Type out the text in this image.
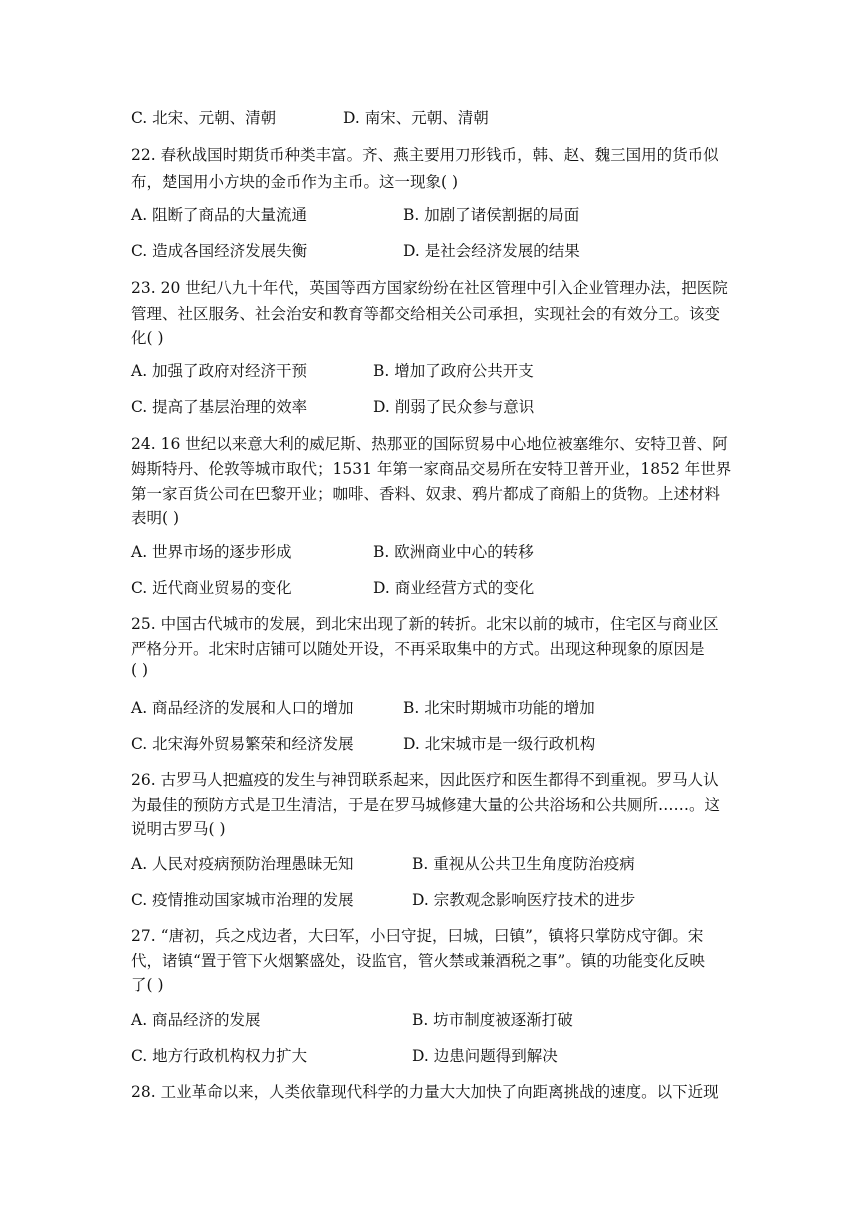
C. 北宋、元朝、清朝	D. 南宋、元朝、清朝
22. 春秋战国时期货币种类丰富。齐、燕主要用刀形钱币，韩、赵、魏三国用的货币似
布，楚国用小方块的金币作为主币。这一现象( )
A. 阻断了商品的大量流通	B. 加剧了诸侯割据的局面
C. 造成各国经济发展失衡	D. 是社会经济发展的结果
23. 20 世纪八九十年代，英国等西方国家纷纷在社区管理中引入企业管理办法，把医院
管理、社区服务、社会治安和教育等都交给相关公司承担，实现社会的有效分工。该变
化( )
A. 加强了政府对经济干预	B. 增加了政府公共开支
C. 提高了基层治理的效率	D. 削弱了民众参与意识
24. 16 世纪以来意大利的威尼斯、热那亚的国际贸易中心地位被塞维尔、安特卫普、阿
姆斯特丹、伦敦等城市取代；1531 年第一家商品交易所在安特卫普开业，1852 年世界
第一家百货公司在巴黎开业；咖啡、香料、奴隶、鸦片都成了商船上的货物。上述材料
表明( )
A. 世界市场的逐步形成	B. 欧洲商业中心的转移
C. 近代商业贸易的变化	D. 商业经营方式的变化
25. 中国古代城市的发展，到北宋出现了新的转折。北宋以前的城市，住宅区与商业区
严格分开。北宋时店铺可以随处开设，不再采取集中的方式。出现这种现象的原因是
( )
A. 商品经济的发展和人口的增加	B. 北宋时期城市功能的增加
C. 北宋海外贸易繁荣和经济发展	D. 北宋城市是一级行政机构
26. 古罗马人把瘟疫的发生与神罚联系起来，因此医疗和医生都得不到重视。罗马人认
为最佳的预防方式是卫生清洁，于是在罗马城修建大量的公共浴场和公共厕所……。这
说明古罗马( )
A. 人民对疫病预防治理愚昧无知	B. 重视从公共卫生角度防治疫病
C. 疫情推动国家城市治理的发展	D. 宗教观念影响医疗技术的进步
27. “唐初，兵之戍边者，大曰军，小曰守捉，曰城，曰镇”，镇将只掌防戍守御。宋
代，诸镇“置于管下火烟繁盛处，设监官，管火禁或兼酒税之事”。镇的功能变化反映
了( )
A. 商品经济的发展	B. 坊市制度被逐渐打破
C. 地方行政机构权力扩大	D. 边患问题得到解决
28. 工业革命以来，人类依靠现代科学的力量大大加快了向距离挑战的速度。以下近现
